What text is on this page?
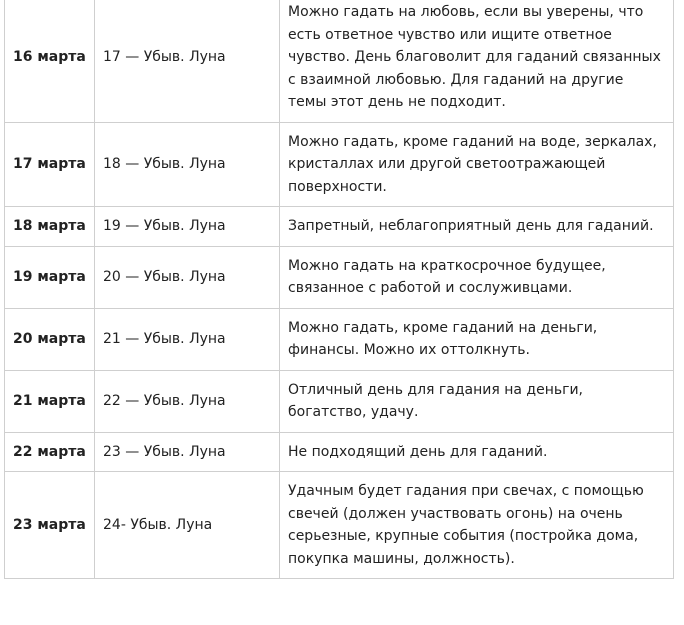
16 марта	17 — Убыв. Луна	Можно гадать на любовь, если вы уверены, что есть ответное чувство или ищите ответное чувство. День благоволит для гаданий связанных с взаимной любовью. Для гаданий на другие темы этот день не подходит.
17 марта	18 — Убыв. Луна	Можно гадать, кроме гаданий на воде, зеркалах, кристаллах или другой светоотражающей поверхности.
18 марта	19 — Убыв. Луна	Запретный, неблагоприятный день для гаданий.
19 марта	20 — Убыв. Луна	Можно гадать на краткосрочное будущее, связанное с работой и сослуживцами.
20 марта	21 — Убыв. Луна	Можно гадать, кроме гаданий на деньги, финансы. Можно их оттолкнуть.
21 марта	22 — Убыв. Луна	Отличный день для гадания на деньги, богатство, удачу.
22 марта	23 — Убыв. Луна	Не подходящий день для гаданий.
23 марта	24- Убыв. Луна	Удачным будет гадания при свечах, с помощью свечей (должен участвовать огонь) на очень серьезные, крупные события (постройка дома, покупка машины, должность).
